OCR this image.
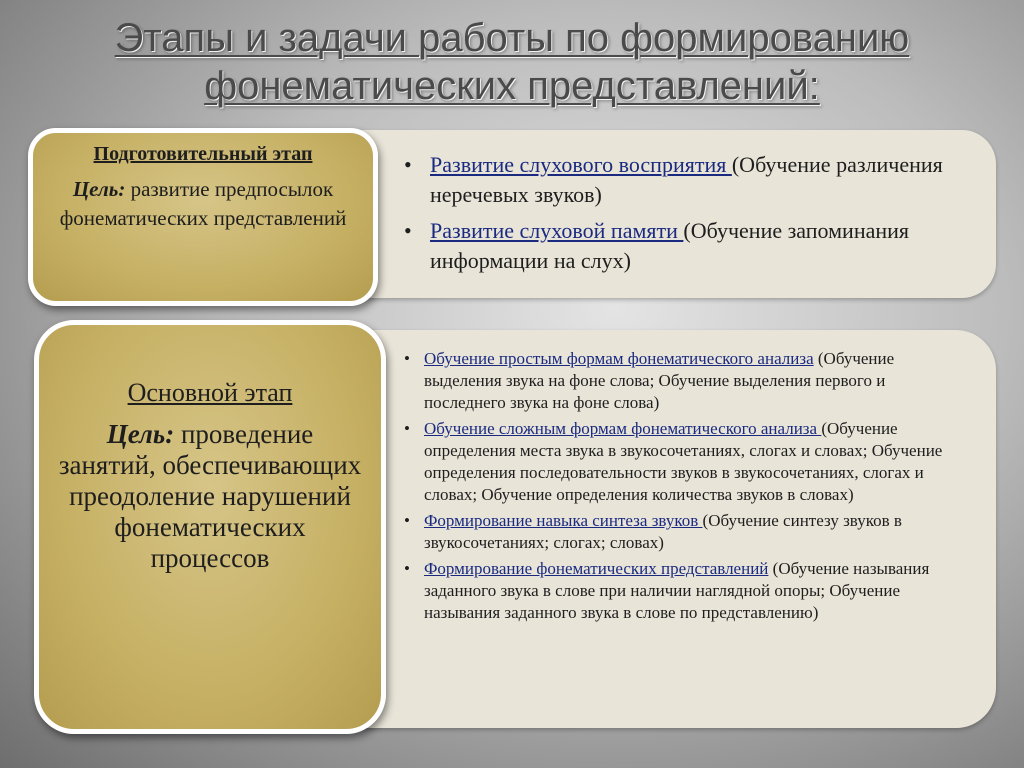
Этапы и задачи работы по формированию
фонематических представлений:
Подготовительный этап
Цель: развитие предпосылок фонематических представлений
• Развитие слухового восприятия (Обучение различения неречевых звуков)
• Развитие слуховой памяти (Обучение запоминания информации на слух)
Основной этап
Цель: проведение занятий, обеспечивающих преодоление нарушений фонематических процессов
• Обучение простым формам фонематического анализа (Обучение выделения звука на фоне слова; Обучение выделения первого и последнего звука на фоне слова)
• Обучение сложным формам фонематического анализа (Обучение определения места звука в звукосочетаниях, слогах и словах; Обучение определения последовательности звуков в звукосочетаниях, слогах и словах; Обучение определения количества звуков в словах)
• Формирование навыка синтеза звуков (Обучение синтезу звуков в звукосочетаниях; слогах; словах)
• Формирование фонематических представлений (Обучение называния заданного звука в слове при наличии наглядной опоры; Обучение называния заданного звука в слове по представлению)
